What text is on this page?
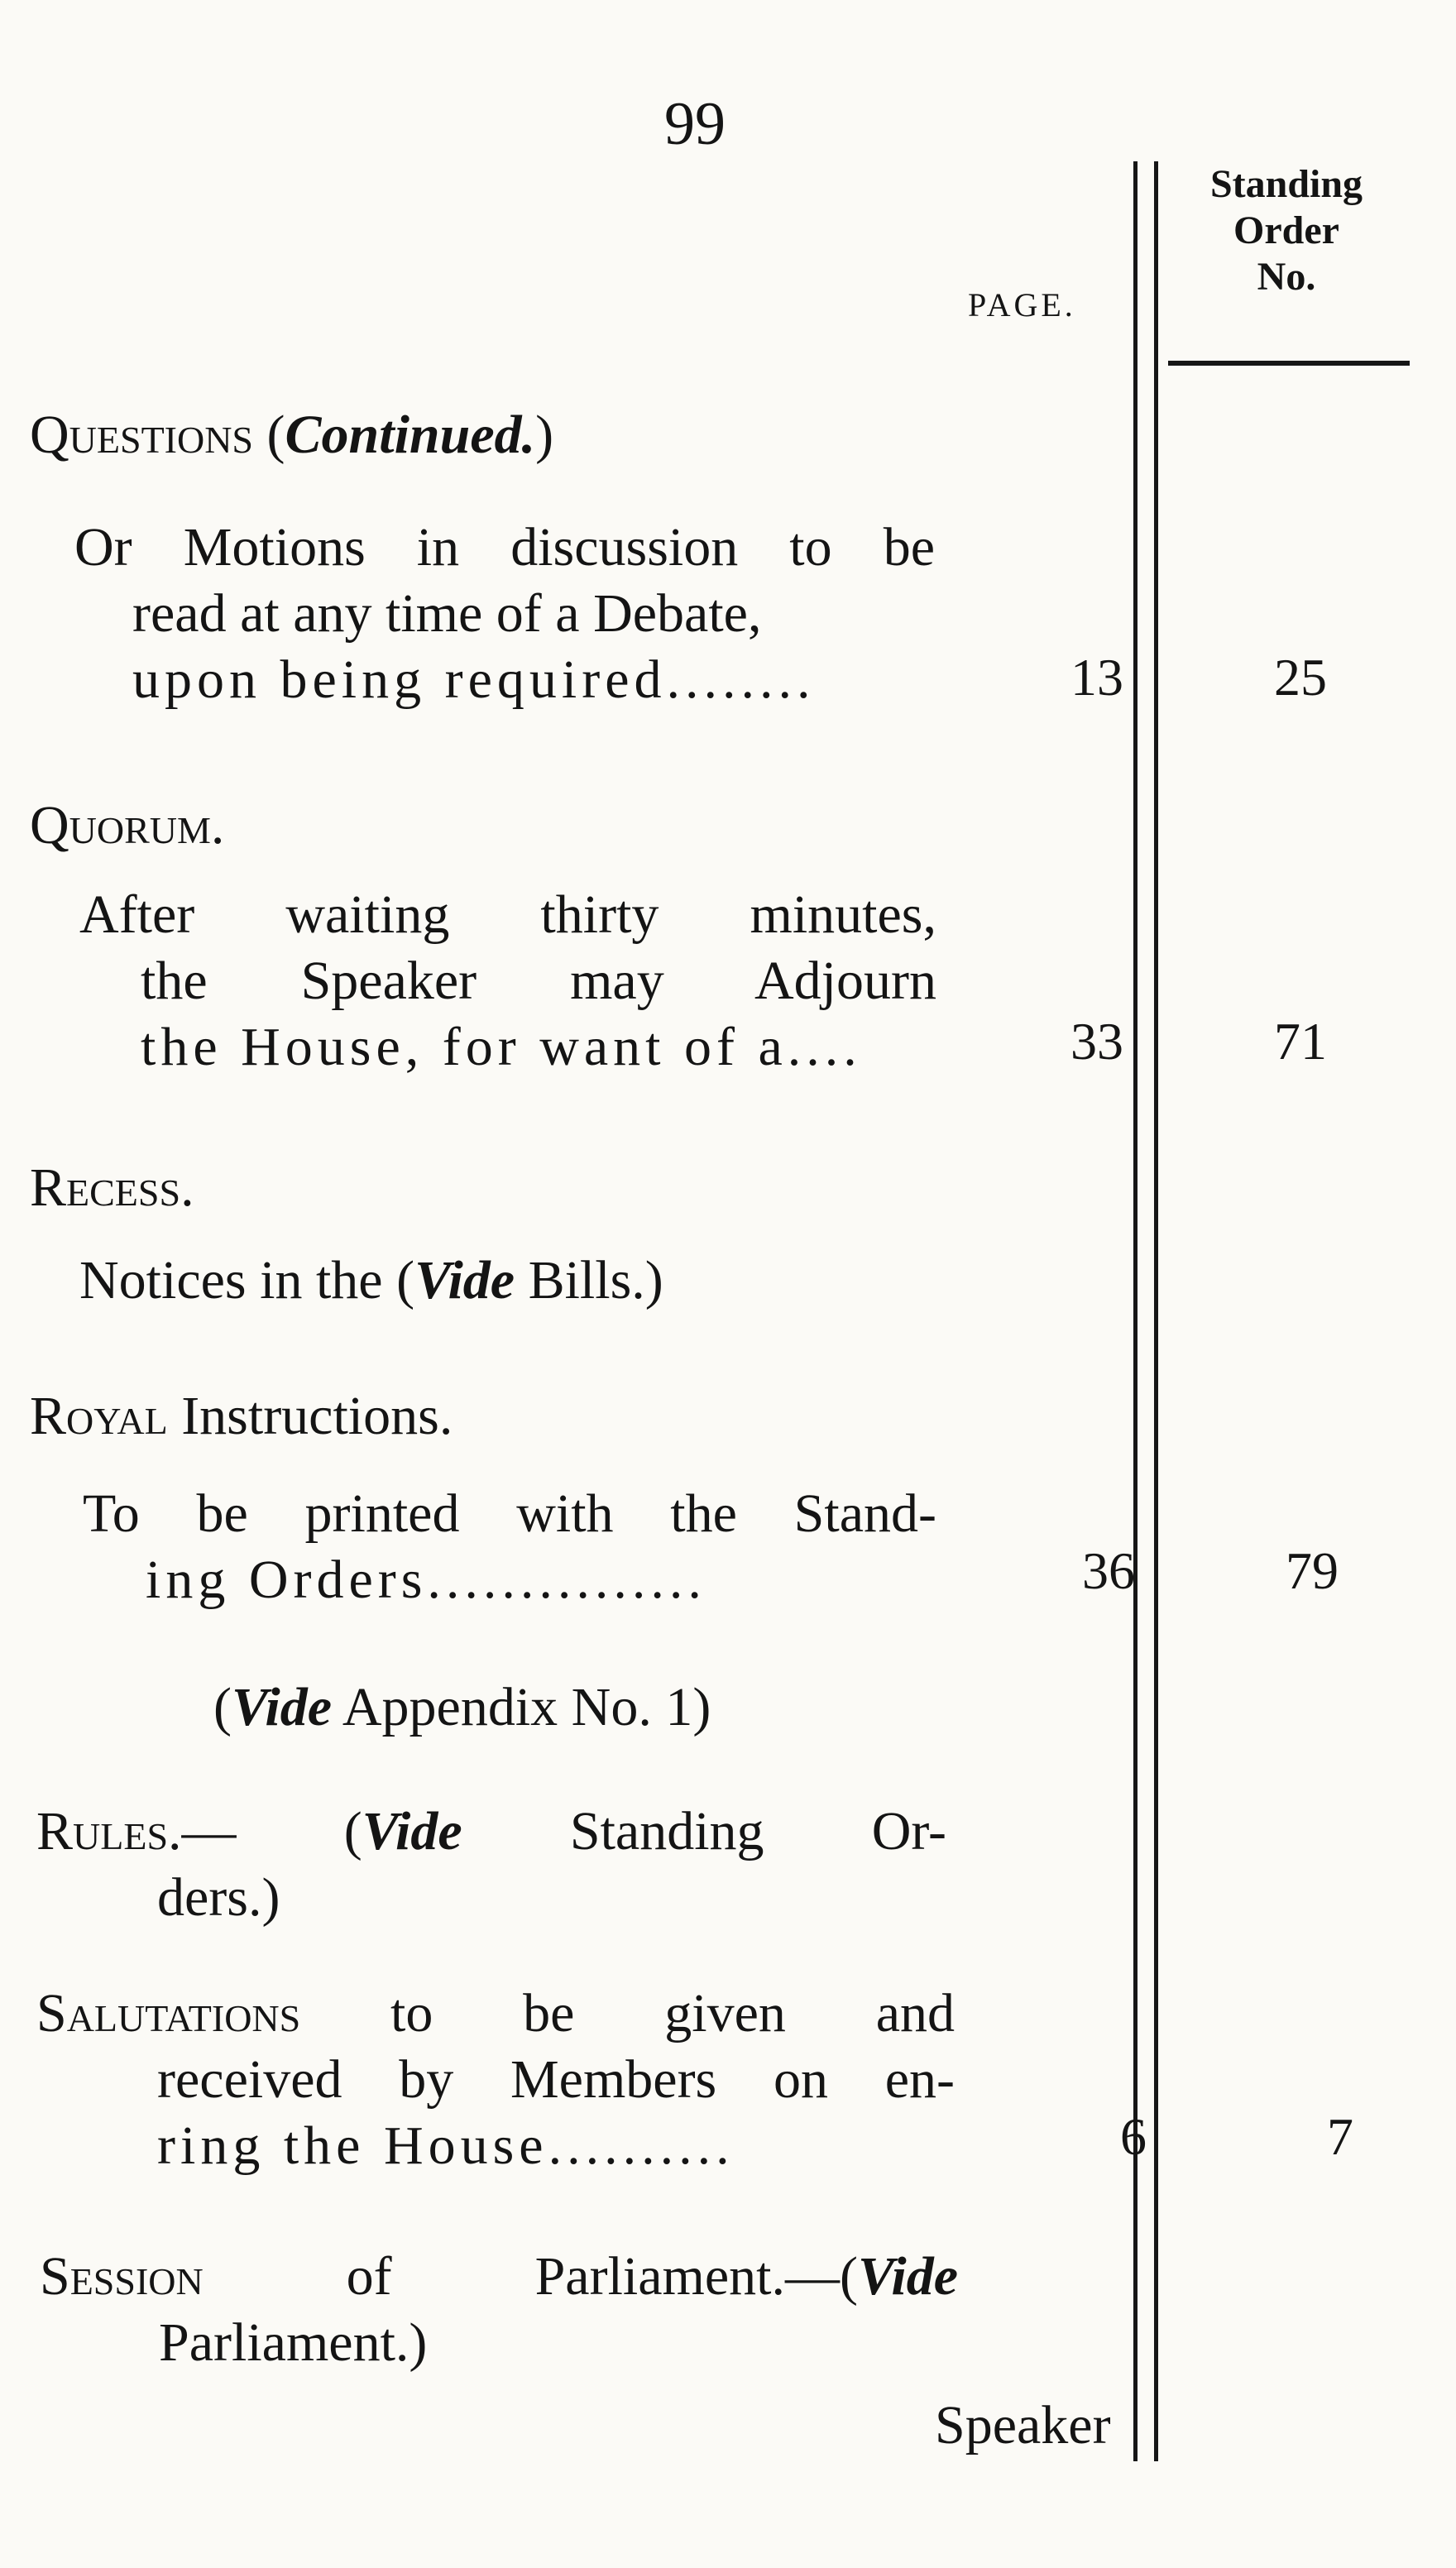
99
PAGE.
Standing
Order
No.
Questions (Continued.)
Or Motions in discussion to be
read at any time of a Debate,
upon being required........	13	25
Quorum.
After waiting thirty minutes,
the Speaker may Adjourn
the House, for want of a....	33	71
Recess.
Notices in the (Vide Bills.)
Royal Instructions.
To be printed with the Stand-
ing Orders...............	36	79
(Vide Appendix No. 1)
Rules.— (Vide Standing Or-
ders.)
Salutations to be given and
received by Members on en-
ring the House..........	6	7
Session	of Parliament.—(Vide
Parliament.)
Speaker
